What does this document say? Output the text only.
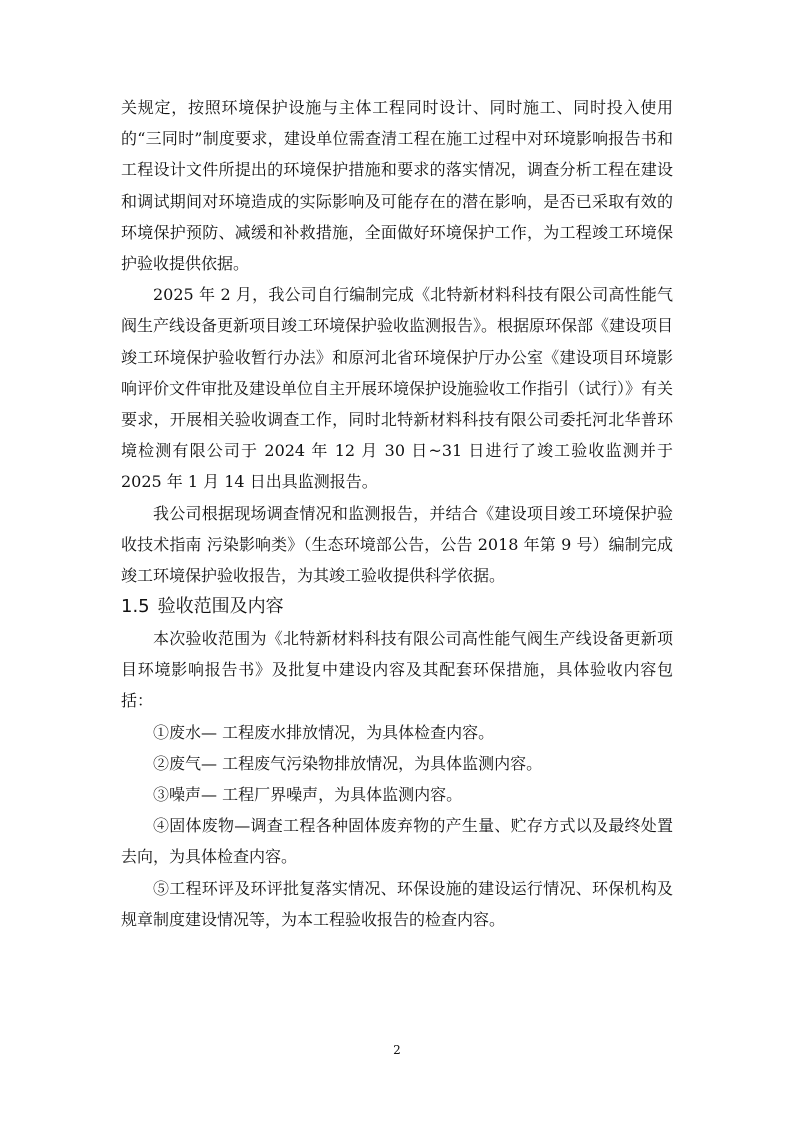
关规定，按照环境保护设施与主体工程同时设计、同时施工、同时投入使用的“三同时”制度要求，建设单位需查清工程在施工过程中对环境影响报告书和工程设计文件所提出的环境保护措施和要求的落实情况，调查分析工程在建设和调试期间对环境造成的实际影响及可能存在的潜在影响，是否已采取有效的环境保护预防、减缓和补救措施，全面做好环境保护工作，为工程竣工环境保护验收提供依据。

2025 年 2 月，我公司自行编制完成《北特新材料科技有限公司高性能气阀生产线设备更新项目竣工环境保护验收监测报告》。根据原环保部《建设项目竣工环境保护验收暂行办法》和原河北省环境保护厅办公室《建设项目环境影响评价文件审批及建设单位自主开展环境保护设施验收工作指引（试行）》有关要求，开展相关验收调查工作，同时北特新材料科技有限公司委托河北华普环境检测有限公司于 2024 年 12 月 30 日~31 日进行了竣工验收监测并于 2025 年 1 月 14 日出具监测报告。

我公司根据现场调查情况和监测报告，并结合《建设项目竣工环境保护验收技术指南 污染影响类》（生态环境部公告，公告 2018 年第 9 号）编制完成竣工环境保护验收报告，为其竣工验收提供科学依据。

1.5 验收范围及内容

本次验收范围为《北特新材料科技有限公司高性能气阀生产线设备更新项目环境影响报告书》及批复中建设内容及其配套环保措施，具体验收内容包括：

①废水— 工程废水排放情况，为具体检查内容。

②废气— 工程废气污染物排放情况，为具体监测内容。

③噪声— 工程厂界噪声，为具体监测内容。

④固体废物—调查工程各种固体废弃物的产生量、贮存方式以及最终处置去向，为具体检查内容。

⑤工程环评及环评批复落实情况、环保设施的建设运行情况、环保机构及规章制度建设情况等，为本工程验收报告的检查内容。

2
